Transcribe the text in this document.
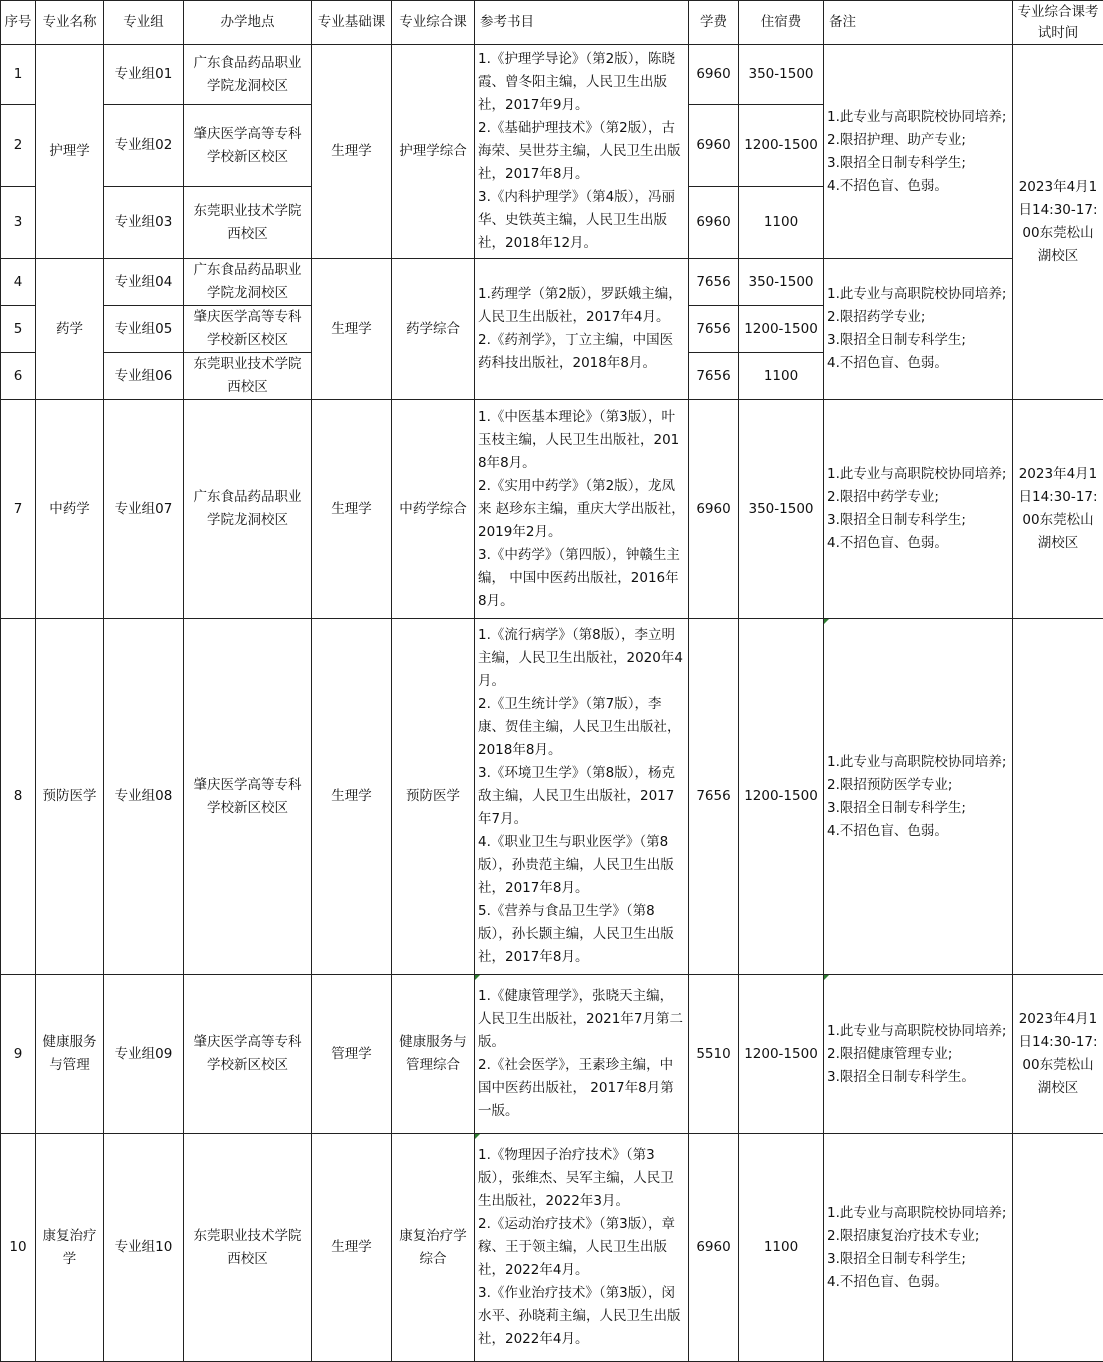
序号	专业名称	专业组	办学地点	专业基础课	专业综合课	参考书目	学费	住宿费	备注	专业综合课考试时间
1	护理学	专业组01	广东食品药品职业学院龙洞校区	生理学	护理学综合	1.《护理学导论》（第2版），陈晓霞、曾冬阳主编，人民卫生出版社，2017年9月。
2.《基础护理技术》（第2版），古海荣、吴世芬主编，人民卫生出版社，2017年8月。
3.《内科护理学》（第4版），冯丽华、史铁英主编，人民卫生出版社，2018年12月。	6960	350-1500	1.此专业与高职院校协同培养;
2.限招护理、助产专业;
3.限招全日制专科学生;
4.不招色盲、色弱。	2023年4月1日14:30-17:00东莞松山湖校区
2		专业组02	肇庆医学高等专科学校新区校区				6960	1200-1500		
3		专业组03	东莞职业技术学院西校区				6960	1100		
4	药学	专业组04	广东食品药品职业学院龙洞校区	生理学	药学综合	1.药理学（第2版），罗跃娥主编，人民卫生出版社，2017年4月。
2.《药剂学》，丁立主编，中国医药科技出版社，2018年8月。	7656	350-1500	1.此专业与高职院校协同培养;
2.限招药学专业;
3.限招全日制专科学生;
4.不招色盲、色弱。	

5		专业组05	肇庆医学高等专科学校新区校区				7656	1200-1500		
6		专业组06	东莞职业技术学院西校区				7656	1100		
7	中药学	专业组07	广东食品药品职业学院龙洞校区	生理学	中药学综合	1.《中医基本理论》（第3版），叶玉枝主编，人民卫生出版社，2018年8月。
2.《实用中药学》（第2版），龙凤来 赵珍东主编，重庆大学出版社，2019年2月。
3.《中药学》（第四版），钟赣生主编， 中国中医药出版社，2016年8月。	6960	350-1500	1.此专业与高职院校协同培养;
2.限招中药学专业;
3.限招全日制专科学生;
4.不招色盲、色弱。	2023年4月1日14:30-17:00东莞松山湖校区
8	预防医学	专业组08	肇庆医学高等专科学校新区校区	生理学	预防医学	1.《流行病学》（第8版），李立明主编，人民卫生出版社，2020年4月。
2.《卫生统计学》（第7版），李康、贺佳主编，人民卫生出版社，2018年8月。
3.《环境卫生学》（第8版），杨克敌主编，人民卫生出版社，2017年7月。
4.《职业卫生与职业医学》（第8版），孙贵范主编，人民卫生出版社，2017年8月。
5.《营养与食品卫生学》（第8版），孙长颢主编，人民卫生出版社，2017年8月。	7656	1200-1500	1.此专业与高职院校协同培养;
2.限招预防医学专业;
3.限招全日制专科学生;
4.不招色盲、色弱。	

9	健康服务与管理	专业组09	肇庆医学高等专科学校新区校区	管理学	健康服务与管理综合	1.《健康管理学》，张晓天主编，人民卫生出版社，2021年7月第二版。
2.《社会医学》，王素珍主编，中国中医药出版社， 2017年8月第一版。	5510	1200-1500	1.此专业与高职院校协同培养;
2.限招健康管理专业;
3.限招全日制专科学生。	2023年4月1日14:30-17:00东莞松山湖校区
10	康复治疗学	专业组10	东莞职业技术学院西校区	生理学	康复治疗学综合	1.《物理因子治疗技术》（第3版），张维杰、吴军主编，人民卫生出版社，2022年3月。
2.《运动治疗技术》（第3版），章稼、王于领主编，人民卫生出版社，2022年4月。
3.《作业治疗技术》（第3版），闵水平、孙晓莉主编，人民卫生出版社，2022年4月。	6960	1100	1.此专业与高职院校协同培养;
2.限招康复治疗技术专业;
3.限招全日制专科学生;
4.不招色盲、色弱。	
